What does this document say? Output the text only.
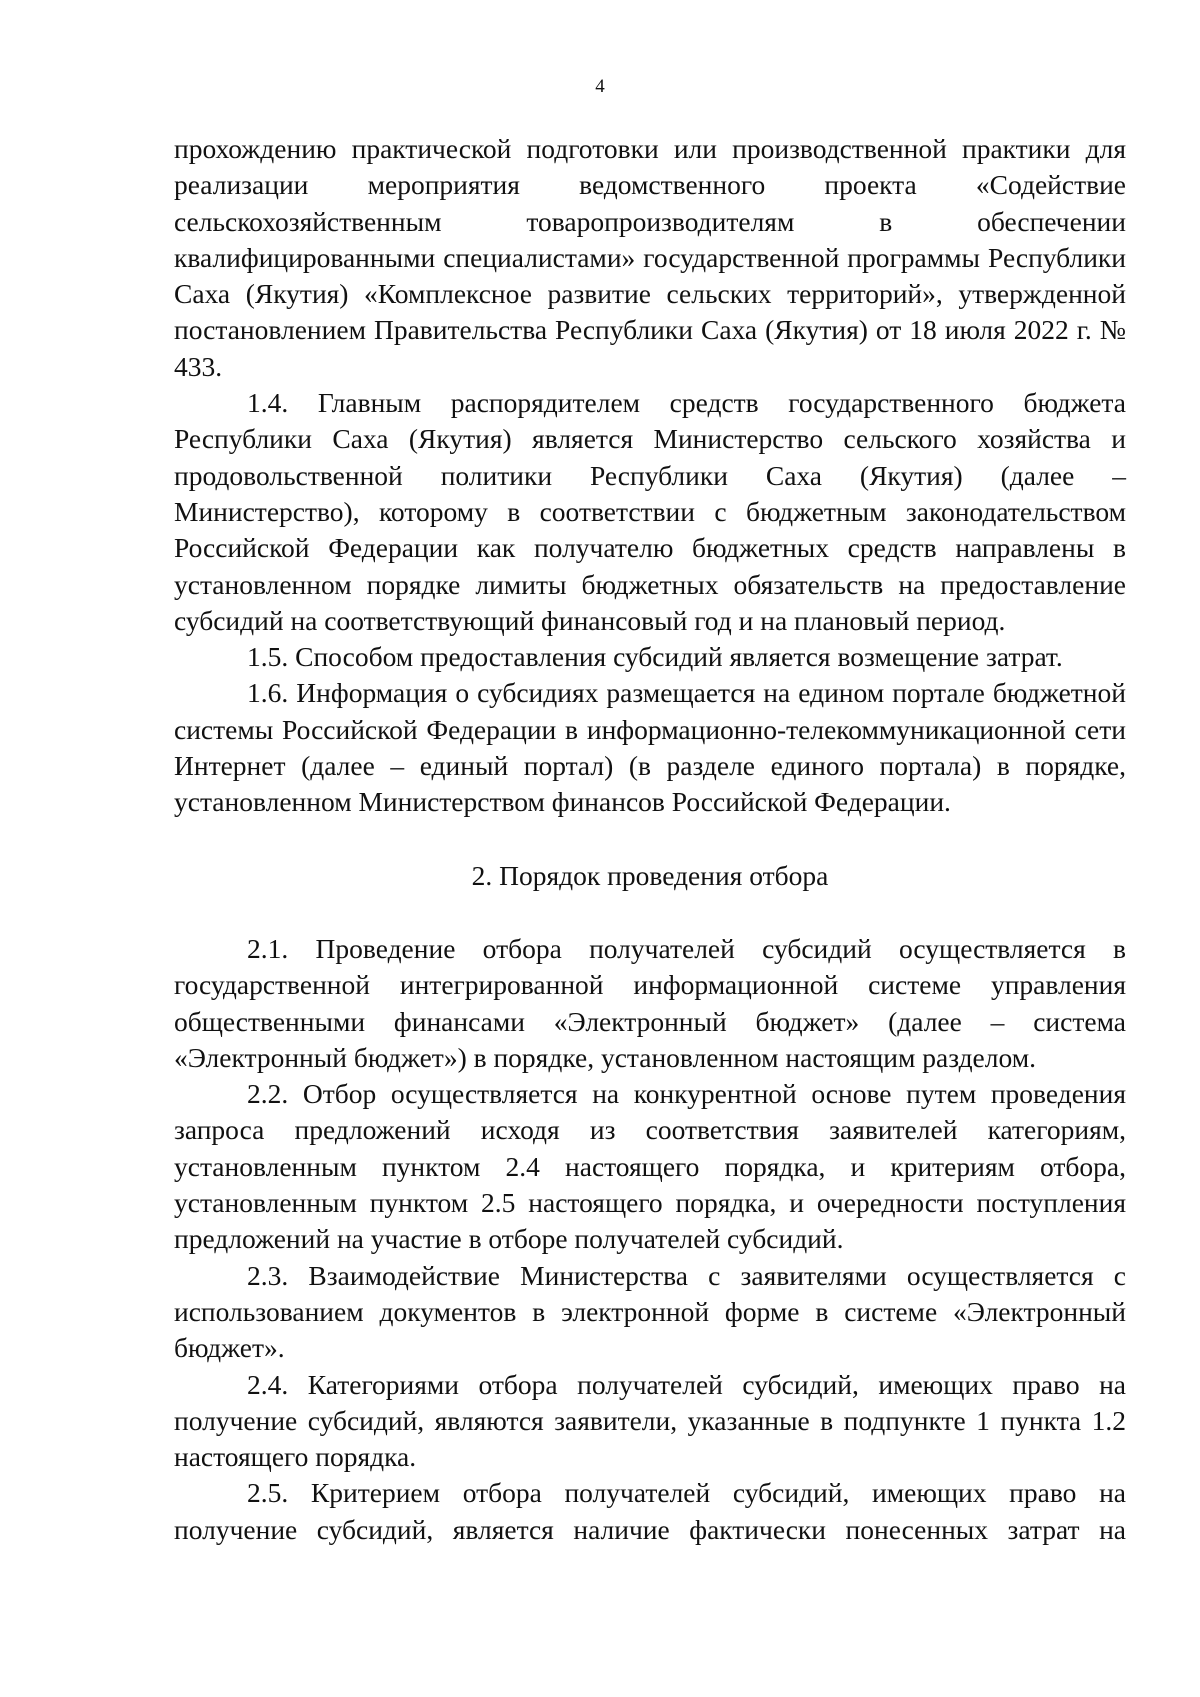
4

прохождению практической подготовки или производственной практики для реализации мероприятия ведомственного проекта «Содействие сельскохозяйственным товаропроизводителям в обеспечении квалифицированными специалистами» государственной программы Республики Саха (Якутия) «Комплексное развитие сельских территорий», утвержденной постановлением Правительства Республики Саха (Якутия) от 18 июля 2022 г. № 433.

1.4. Главным распорядителем средств государственного бюджета Республики Саха (Якутия) является Министерство сельского хозяйства и продовольственной политики Республики Саха (Якутия) (далее – Министерство), которому в соответствии с бюджетным законодательством Российской Федерации как получателю бюджетных средств направлены в установленном порядке лимиты бюджетных обязательств на предоставление субсидий на соответствующий финансовый год и на плановый период.

1.5. Способом предоставления субсидий является возмещение затрат.

1.6. Информация о субсидиях размещается на едином портале бюджетной системы Российской Федерации в информационно-телекоммуникационной сети Интернет (далее – единый портал) (в разделе единого портала) в порядке, установленном Министерством финансов Российской Федерации.

2. Порядок проведения отбора

2.1. Проведение отбора получателей субсидий осуществляется в государственной интегрированной информационной системе управления общественными финансами «Электронный бюджет» (далее – система «Электронный бюджет») в порядке, установленном настоящим разделом.

2.2. Отбор осуществляется на конкурентной основе путем проведения запроса предложений исходя из соответствия заявителей категориям, установленным пунктом 2.4 настоящего порядка, и критериям отбора, установленным пунктом 2.5 настоящего порядка, и очередности поступления предложений на участие в отборе получателей субсидий.

2.3. Взаимодействие Министерства с заявителями осуществляется с использованием документов в электронной форме в системе «Электронный бюджет».

2.4. Категориями отбора получателей субсидий, имеющих право на получение субсидий, являются заявители, указанные в подпункте 1 пункта 1.2 настоящего порядка.

2.5. Критерием отбора получателей субсидий, имеющих право на получение субсидий, является наличие фактически понесенных затрат на
